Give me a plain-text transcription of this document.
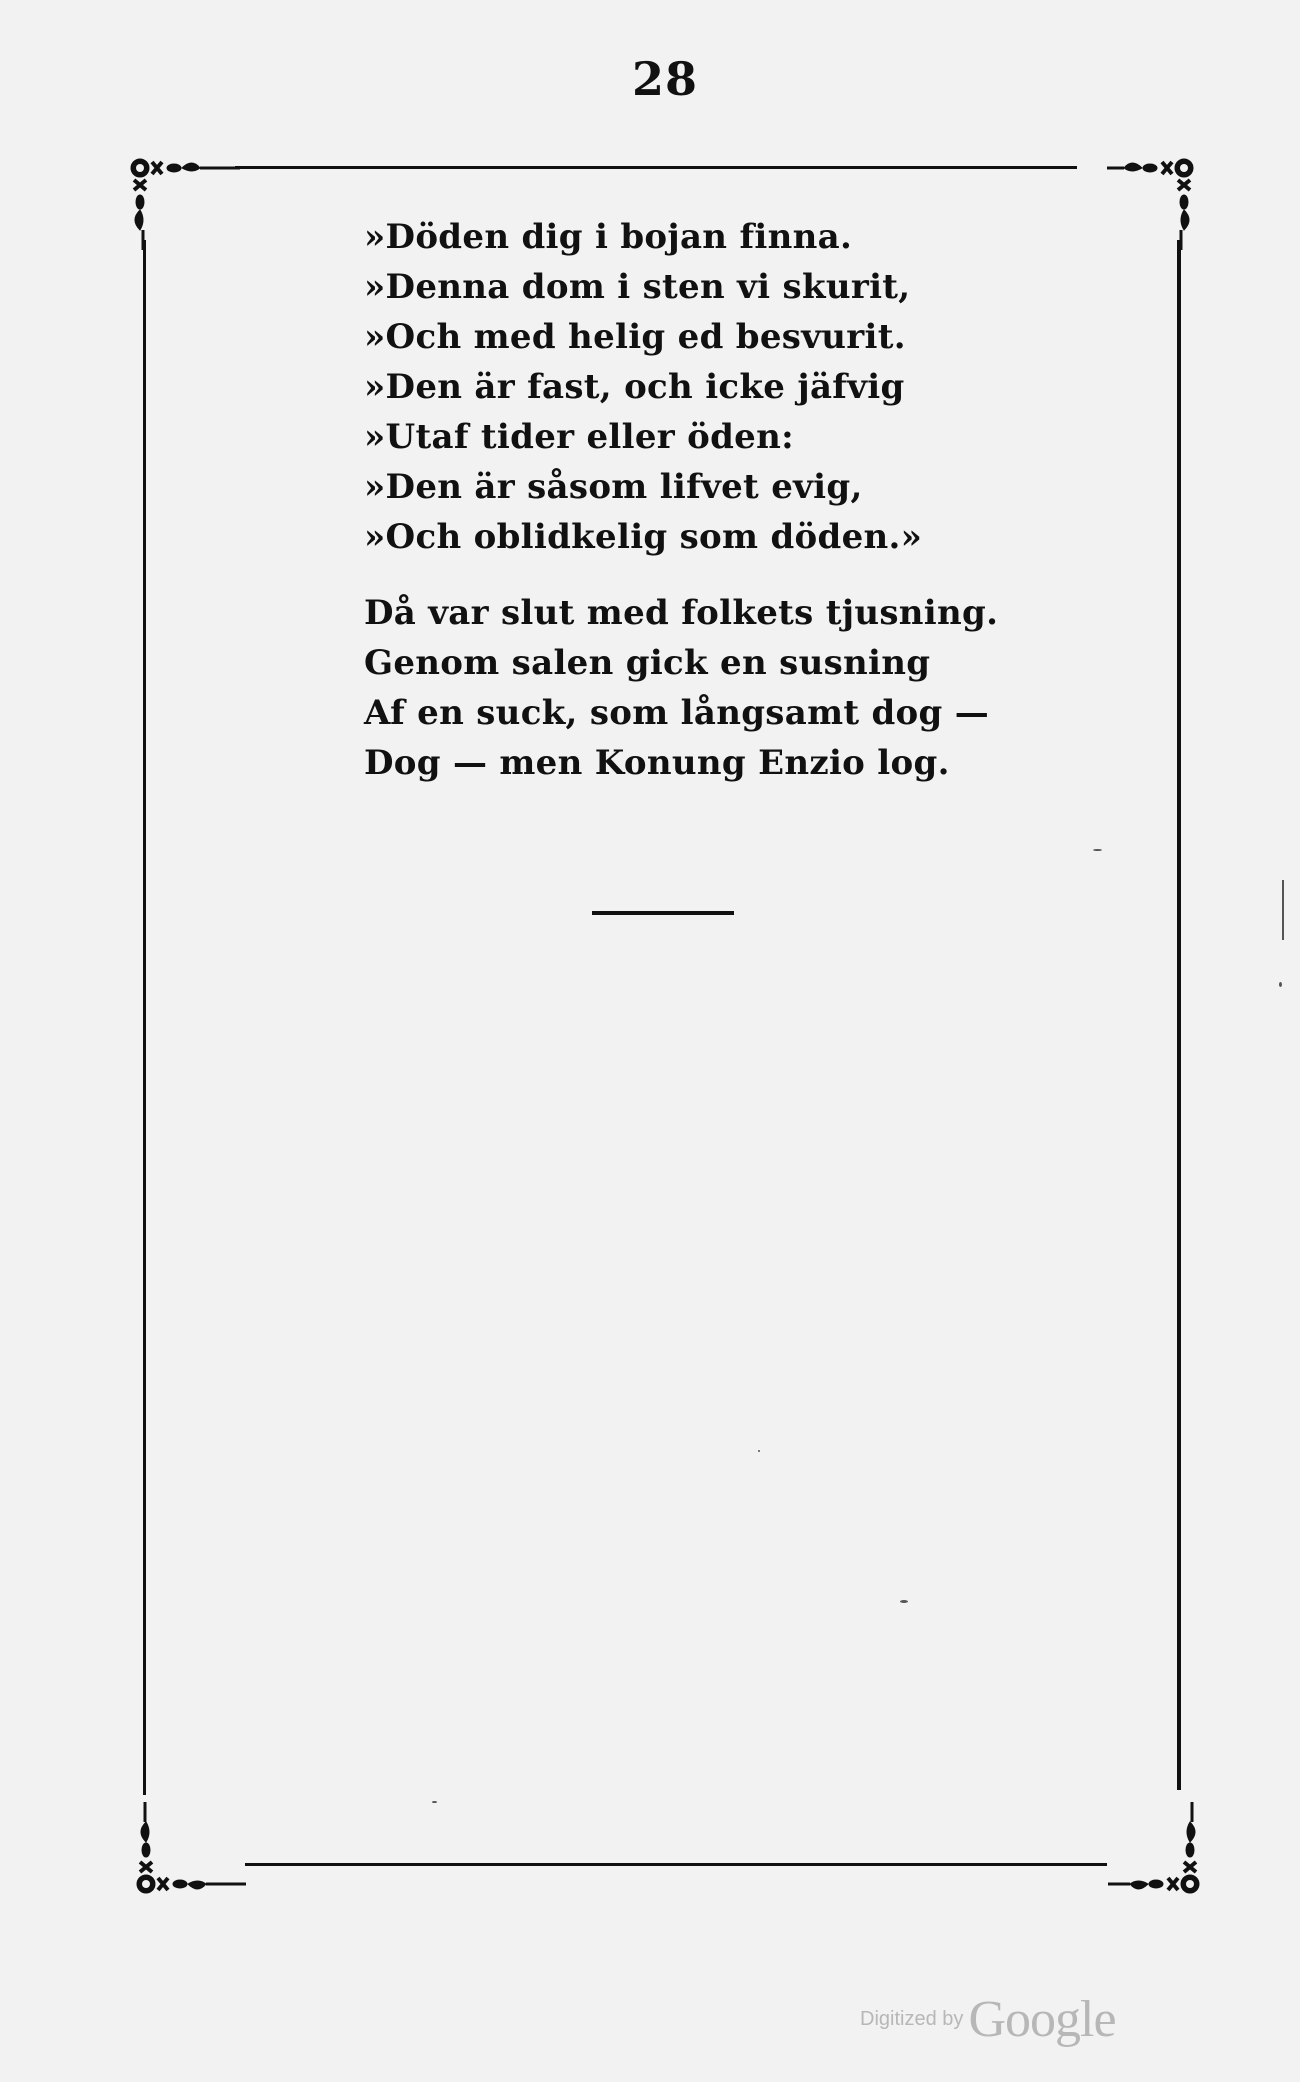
28

»Döden dig i bojan finna.
»Denna dom i sten vi skurit,
»Och med helig ed besvurit.
»Den är fast, och icke jäfvig
»Utaf tider eller öden:
»Den är såsom lifvet evig,
»Och oblidkelig som döden.»

Då var slut med folkets tjusning.
Genom salen gick en susning
Af en suck, som långsamt dog —
Dog — men Konung Enzio log.

Digitized by Google
